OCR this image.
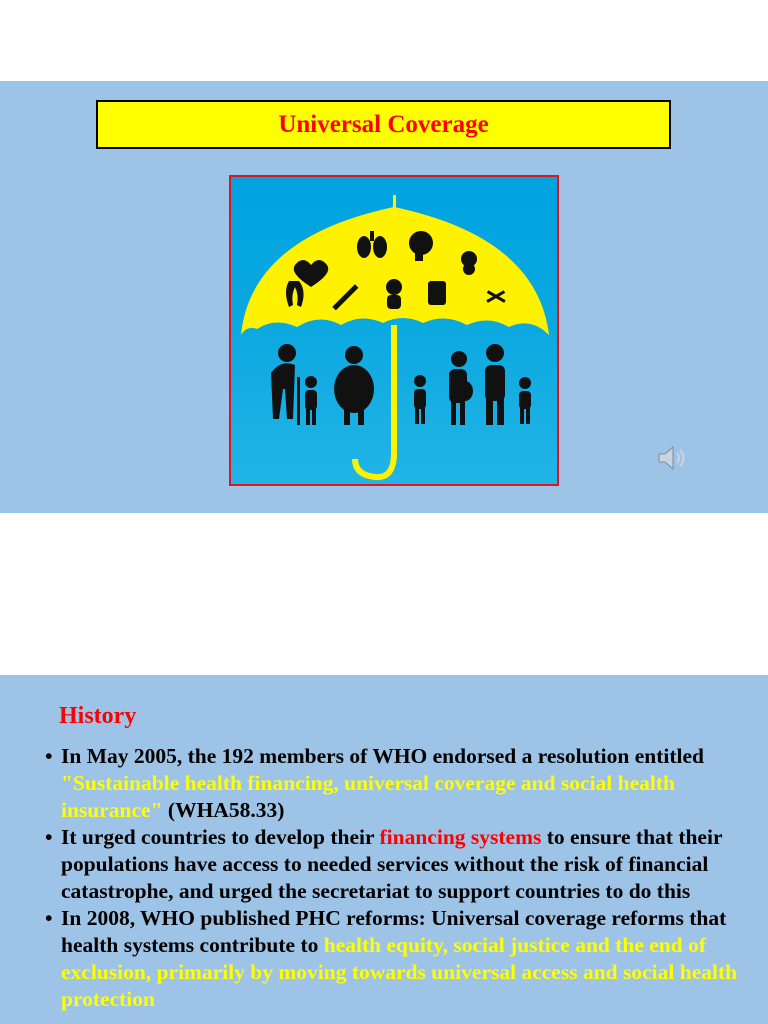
Universal Coverage
History
• In May 2005, the 192 members of WHO endorsed a resolution entitled "Sustainable health financing, universal coverage and social health insurance" (WHA58.33)
• It urged countries to develop their financing systems to ensure that their populations have access to needed services without the risk of financial catastrophe, and urged the secretariat to support countries to do this
• In 2008, WHO published PHC reforms: Universal coverage reforms that health systems contribute to health equity, social justice and the end of exclusion, primarily by moving towards universal access and social health protection
